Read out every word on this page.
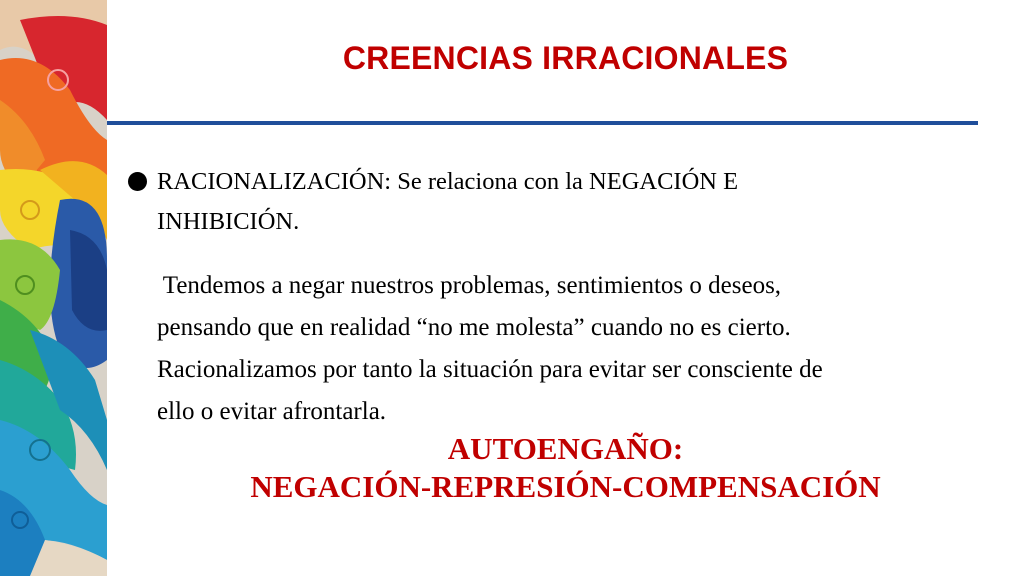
CREENCIAS IRRACIONALES
RACIONALIZACIÓN: Se relaciona con la NEGACIÓN E
INHIBICIÓN.
Tendemos a negar nuestros problemas, sentimientos o deseos,
pensando que en realidad “no me molesta” cuando no es cierto.
Racionalizamos por tanto la situación para evitar ser consciente de
ello o evitar afrontarla.
AUTOENGAÑO:
NEGACIÓN-REPRESIÓN-COMPENSACIÓN
